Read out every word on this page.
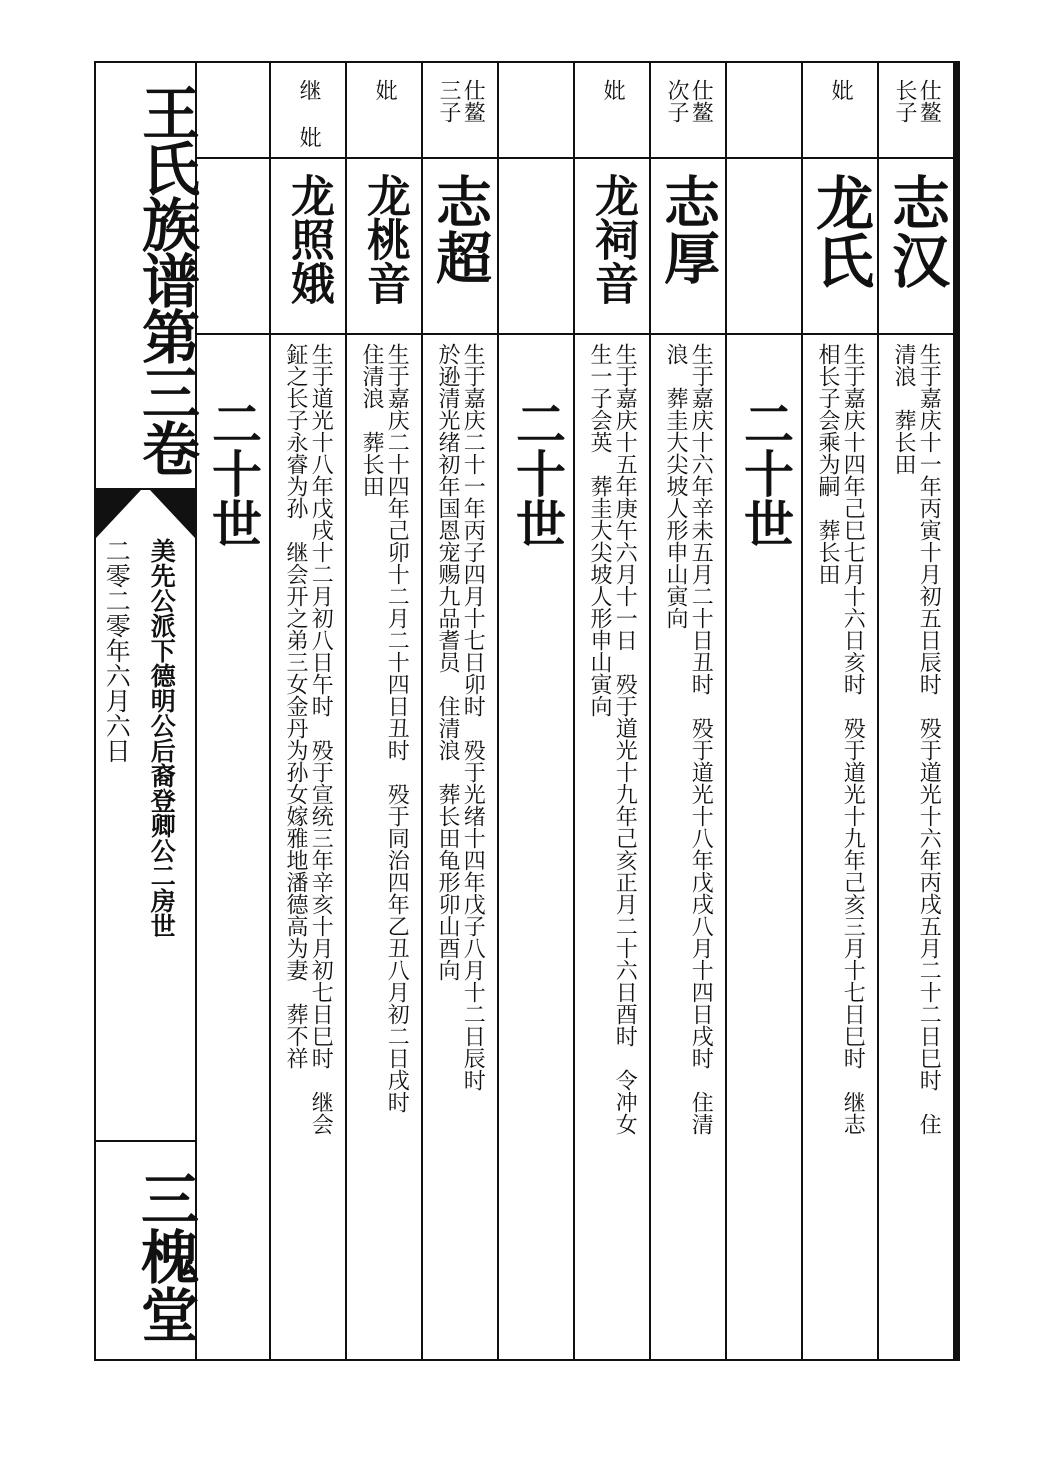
王氏族谱第三卷
美先公派下德明公后裔登卿公二房世
二零二零年六月六日
三槐堂
仕鳌 长子
志汉
生于嘉庆十一年丙寅十月初五日辰时　殁于道光十六年丙戌五月二十二日巳时　住
清浪　葬长田
妣
龙氏
生于嘉庆十四年己巳七月十六日亥时　殁于道光十九年己亥三月十七日巳时　继志
相长子会乘为嗣　葬长田
二十世
仕鳌 次子
志厚
生于嘉庆十六年辛未五月二十日丑时　殁于道光十八年戊戌八月十四日戌时　住清
浪　葬圭大尖坡人形申山寅向
妣
龙祠音
生于嘉庆十五年庚午六月十一日　殁于道光十九年己亥正月二十六日酉时　令冲女
生一子会英　葬圭大尖坡人形申山寅向
二十世
仕鳌 三子
志超
生于嘉庆二十一年丙子四月十七日卯时　殁于光绪十四年戊子八月十二日辰时
於逊清光绪初年国恩宠赐九品耆员　住清浪　葬长田龟形卯山酉向
妣
龙桃音
生于嘉庆二十四年己卯十二月二十四日丑时　殁于同治四年乙丑八月初二日戌时
住清浪　葬长田
继 妣
龙照娥
生于道光十八年戊戌十二月初八日午时　殁于宣统三年辛亥十月初七日巳时　继会
鉦之长子永睿为孙　继会开之弟三女金丹为孙女嫁雅地潘德高为妻　葬不祥
二十世
